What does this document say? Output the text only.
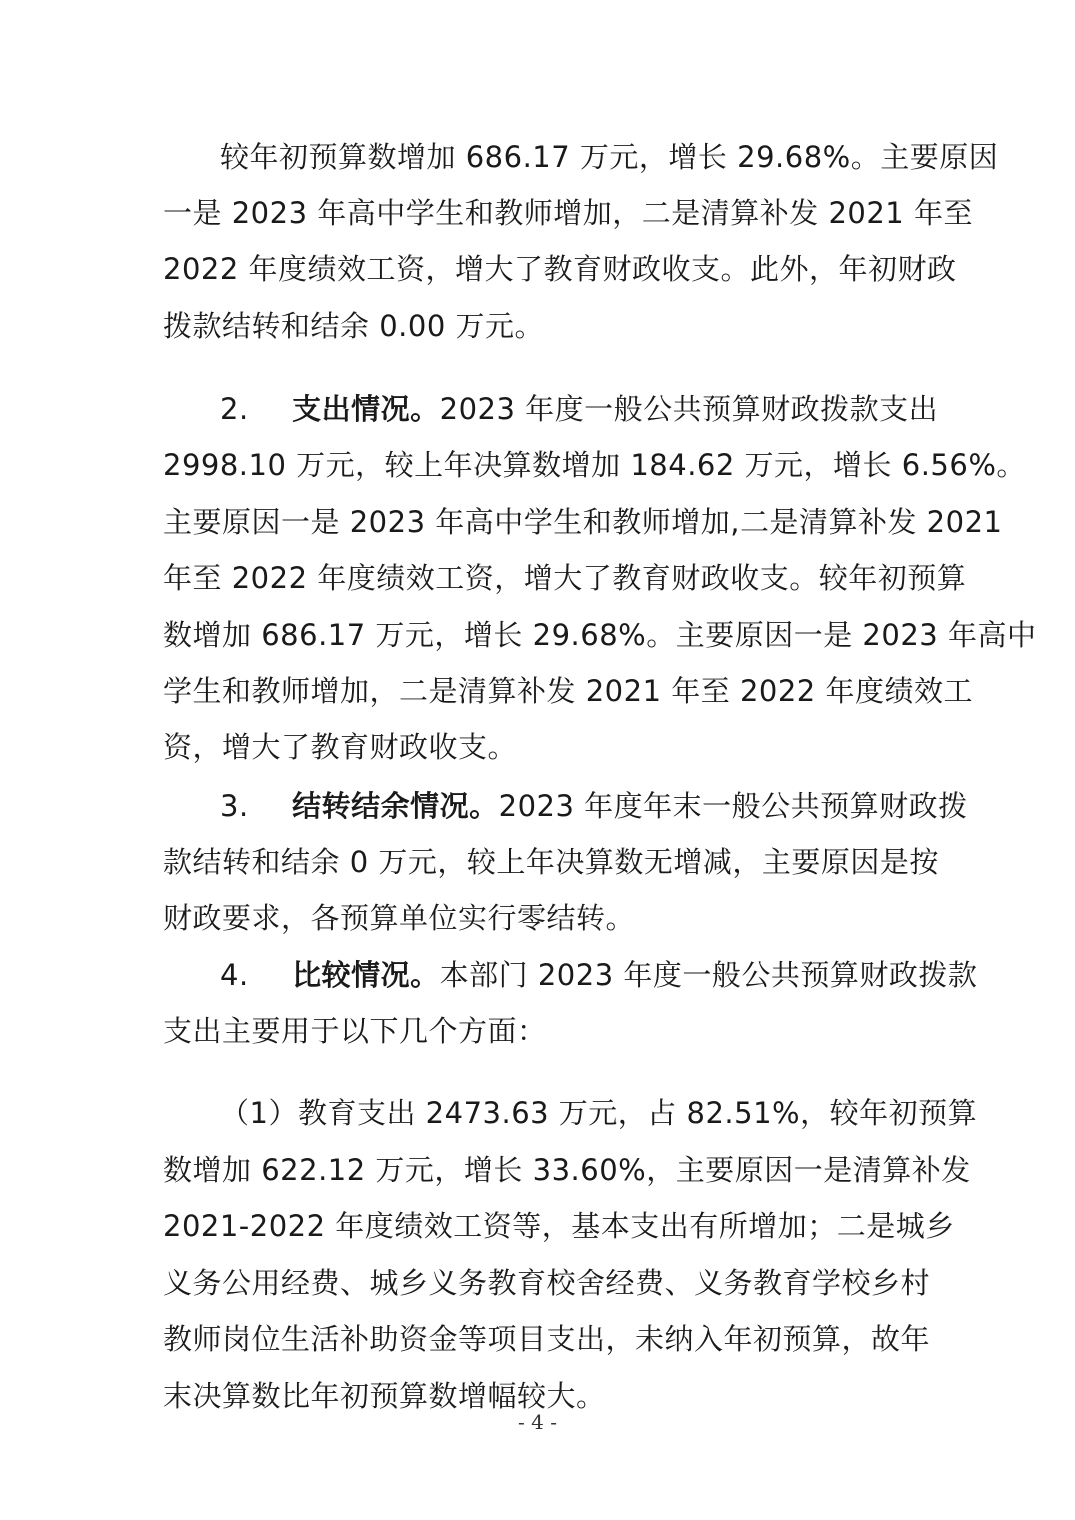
较年初预算数增加 686.17 万元，增长 29.68%。主要原因
一是 2023 年高中学生和教师增加，二是清算补发 2021 年至
2022 年度绩效工资，增大了教育财政收支。此外，年初财政
拨款结转和结余 0.00 万元。
2. 支出情况。2023 年度一般公共预算财政拨款支出
2998.10 万元，较上年决算数增加 184.62 万元，增长 6.56%。
主要原因一是 2023 年高中学生和教师增加,二是清算补发 2021
年至 2022 年度绩效工资，增大了教育财政收支。较年初预算
数增加 686.17 万元，增长 29.68%。主要原因一是 2023 年高中
学生和教师增加，二是清算补发 2021 年至 2022 年度绩效工
资，增大了教育财政收支。
3. 结转结余情况。2023 年度年末一般公共预算财政拨
款结转和结余 0 万元，较上年决算数无增减，主要原因是按
财政要求，各预算单位实行零结转。
4. 比较情况。本部门 2023 年度一般公共预算财政拨款
支出主要用于以下几个方面：
（1）教育支出 2473.63 万元，占 82.51%，较年初预算
数增加 622.12 万元，增长 33.60%，主要原因一是清算补发
2021-2022 年度绩效工资等，基本支出有所增加；二是城乡
义务公用经费、城乡义务教育校舍经费、义务教育学校乡村
教师岗位生活补助资金等项目支出，未纳入年初预算，故年
末决算数比年初预算数增幅较大。
- 4 -
